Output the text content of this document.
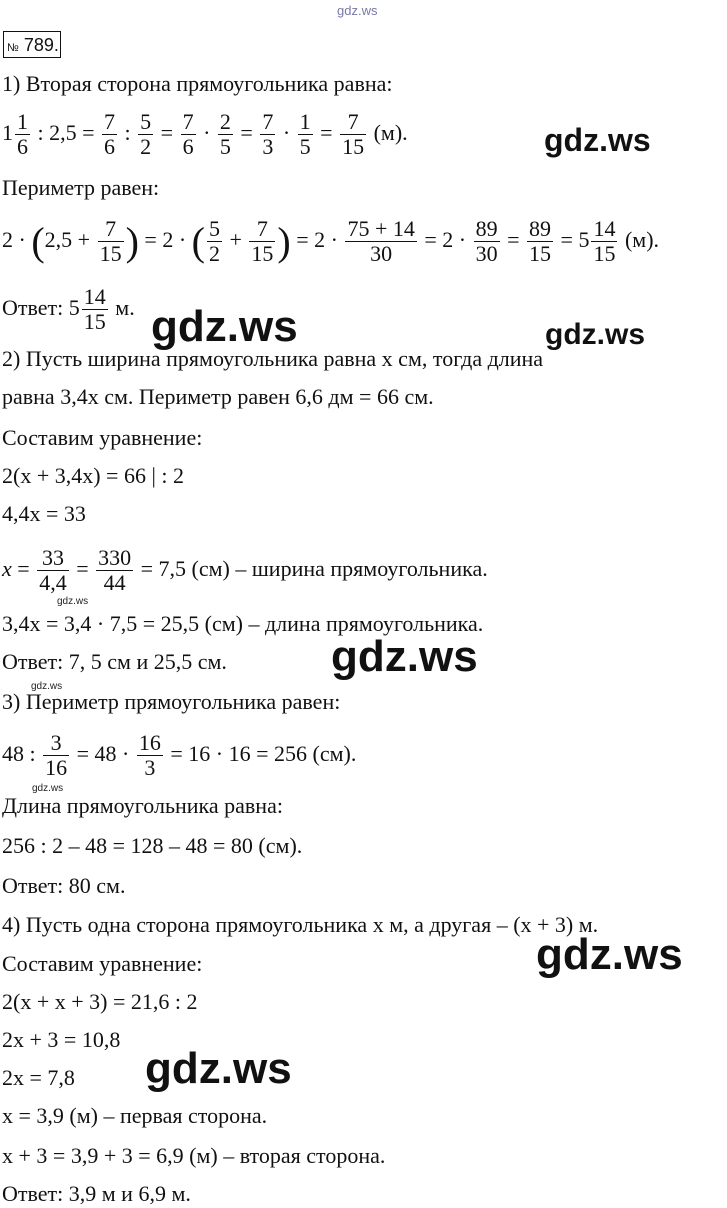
gdz.ws
№ 789.
1) Вторая сторона прямоугольника равна:
$1 \frac{1}{6}$ : $2,5 = \frac{7}{6}$ : $\frac{5}{2} = \frac{7}{6} \cdot \frac{2}{5} = \frac{7}{3} \cdot \frac{1}{5} = \frac{7}{15} (м)$.	gdz.ws
Периметр равен:
$2 \cdot (2,5 + \frac{7}{15}$ ) = 2 · ( $\frac{5}{2} + \frac{7}{15}$ ) = $2 \cdot \frac{75 + 14}{30} = 2 \cdot \frac{89}{30} = \frac{89}{15} = 5 \frac{14}{15} (м)$.
Ответ: $5 \frac{14}{15} м$. gdz.ws	gdz.ws
2) Пусть ширина прямоугольника равна x см, тогда длина
равна 3,4x см. Периметр равен 6,6 дм = 66 см.
Составим уравнение:
2(x + 3,4x) = 66 | : 2
4,4x = 33
$x = \frac{33}{4,4} = \frac{330}{44} = 7,5$ (см) – ширина прямоугольника.
gdz.ws
3,4x = 3,4 · 7,5 = 25,5 (см) – длина прямоугольника.
Ответ: 7, 5 см и 25,5 см. gdz.ws
gdz.ws
3) Периметр прямоугольника равен:
48 : $\frac{3}{16} = 48 \cdot \frac{16}{3} = 16 \cdot 16 = 256$ (см).
gdz.ws
Длина прямоугольника равна:
256 : 2 – 48 = 128 – 48 = 80 (см).
Ответ: 80 см.
4) Пусть одна сторона прямоугольника x м, а другая – (x + 3) м.
gdz.ws
Составим уравнение:
2(x + x + 3) = 21,6 : 2
2x + 3 = 10,8
2x = 7,8 gdz.ws
x = 3,9 (м) – первая сторона.
x + 3 = 3,9 + 3 = 6,9 (м) – вторая сторона.
Ответ: 3,9 м и 6,9 м.
